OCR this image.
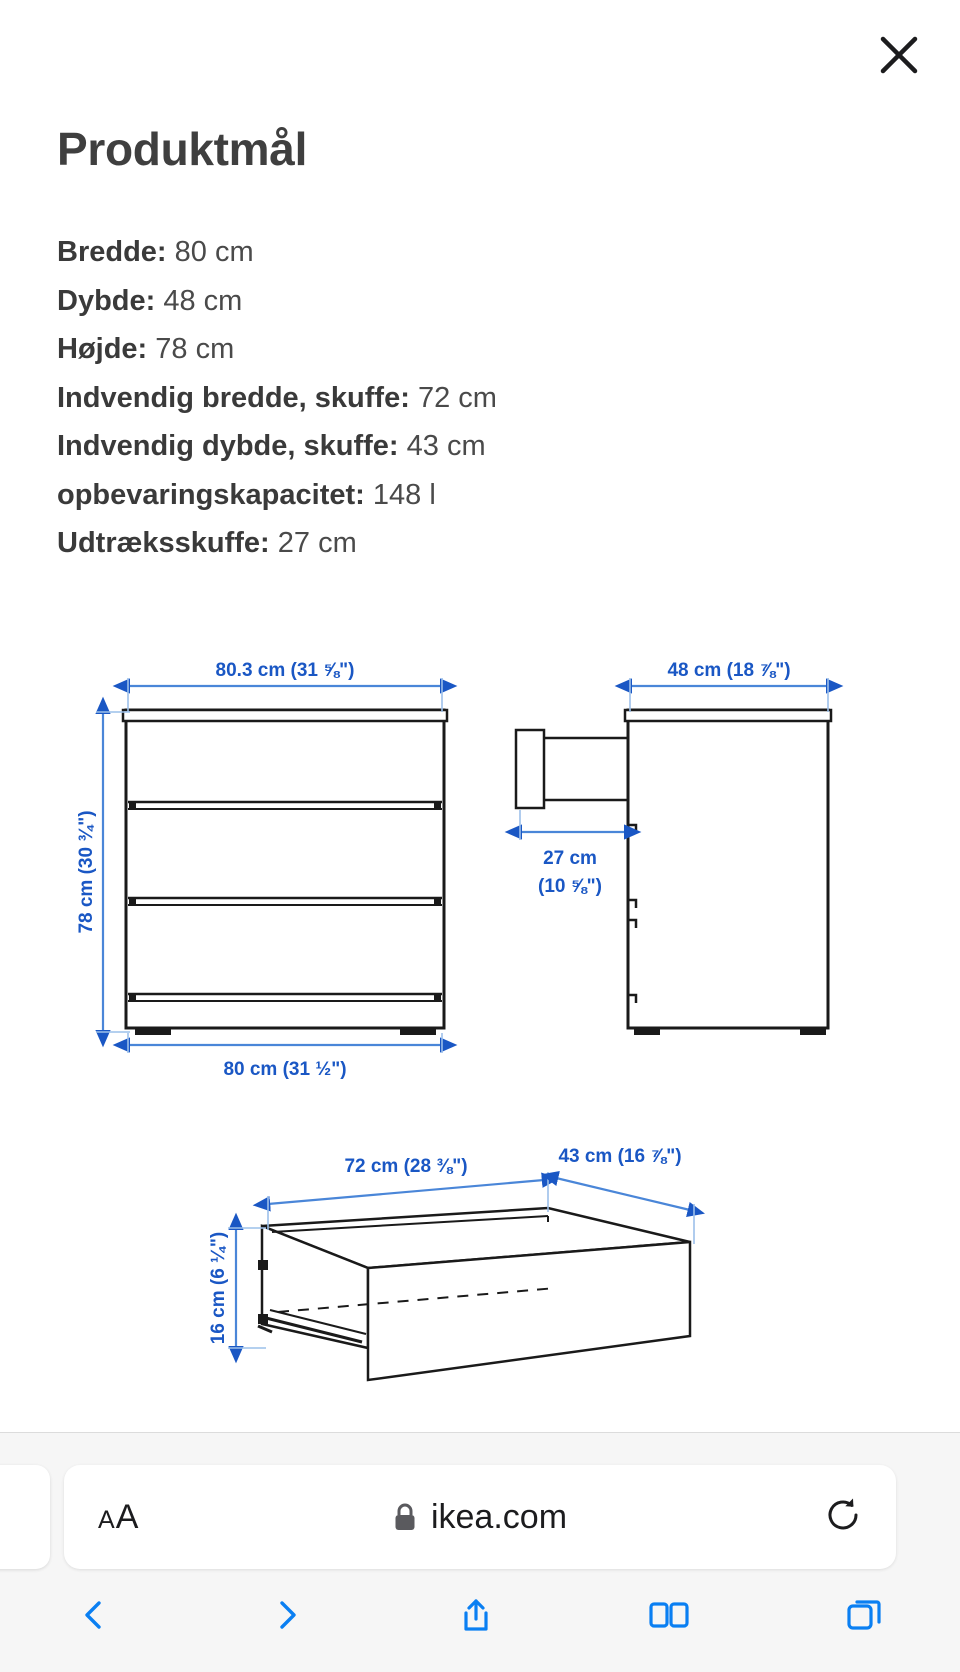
Produktmål
Bredde: 80 cm
Dybde: 48 cm
Højde: 78 cm
Indvendig bredde, skuffe: 72 cm
Indvendig dybde, skuffe: 43 cm
opbevaringskapacitet: 148 l
Udtræksskuffe: 27 cm
80.3 cm (31 ⅝")
78 cm (30 ¾")
80 cm (31 ½")
48 cm (18 ⅞")
27 cm
(10 ⅝")
72 cm (28 ⅜")	43 cm (16 ⅞")
16 cm (6 ¼")
A A	ikea.com
